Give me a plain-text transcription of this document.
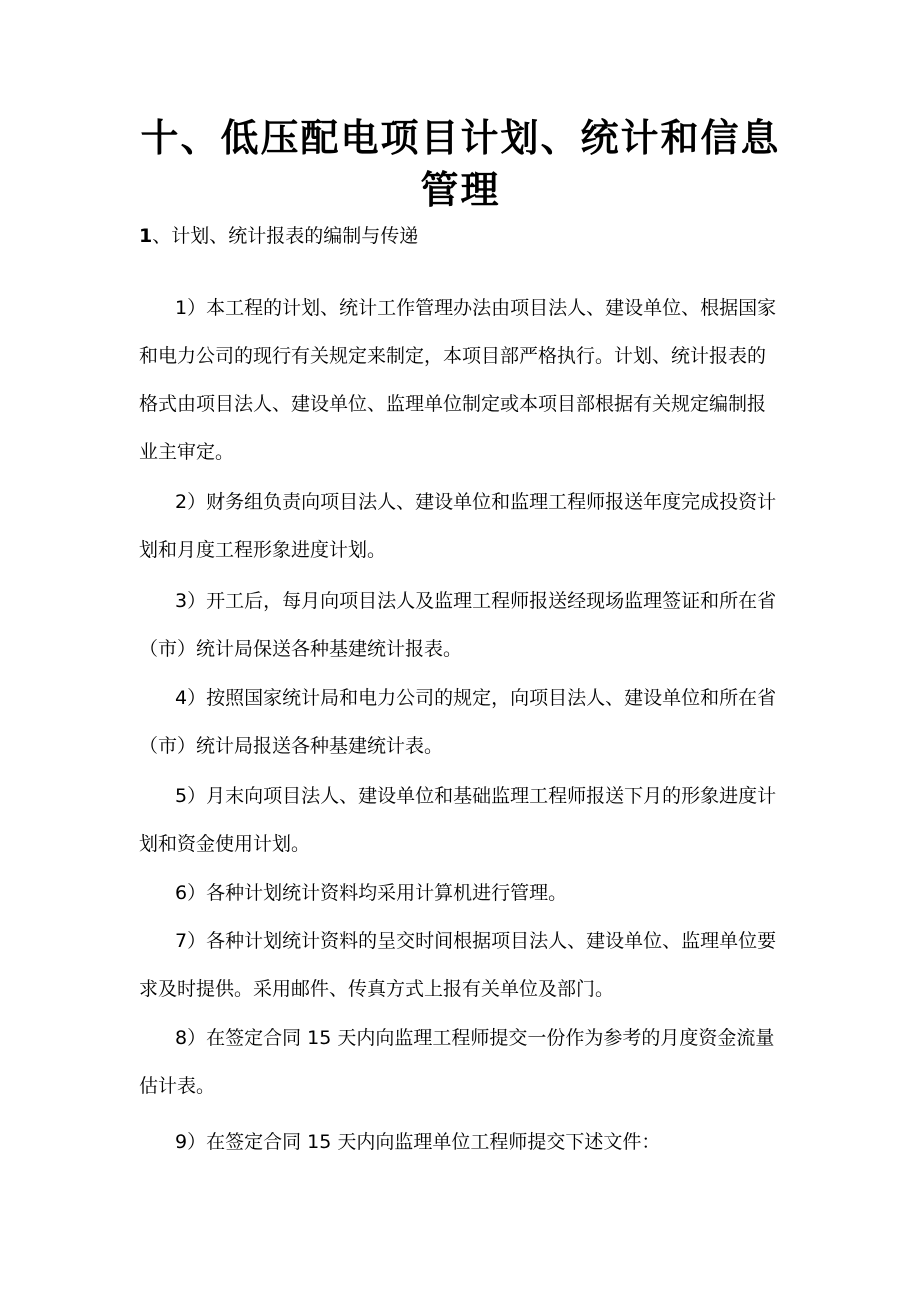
十、低压配电项目计划、统计和信息
管理

1、计划、统计报表的编制与传递

1）本工程的计划、统计工作管理办法由项目法人、建设单位、根据国家和电力公司的现行有关规定来制定，本项目部严格执行。计划、统计报表的格式由项目法人、建设单位、监理单位制定或本项目部根据有关规定编制报业主审定。

2）财务组负责向项目法人、建设单位和监理工程师报送年度完成投资计划和月度工程形象进度计划。

3）开工后，每月向项目法人及监理工程师报送经现场监理签证和所在省（市）统计局保送各种基建统计报表。

4）按照国家统计局和电力公司的规定，向项目法人、建设单位和所在省（市）统计局报送各种基建统计表。

5）月末向项目法人、建设单位和基础监理工程师报送下月的形象进度计划和资金使用计划。

6）各种计划统计资料均采用计算机进行管理。

7）各种计划统计资料的呈交时间根据项目法人、建设单位、监理单位要求及时提供。采用邮件、传真方式上报有关单位及部门。

8）在签定合同 15 天内向监理工程师提交一份作为参考的月度资金流量估计表。

9）在签定合同 15 天内向监理单位工程师提交下述文件：
